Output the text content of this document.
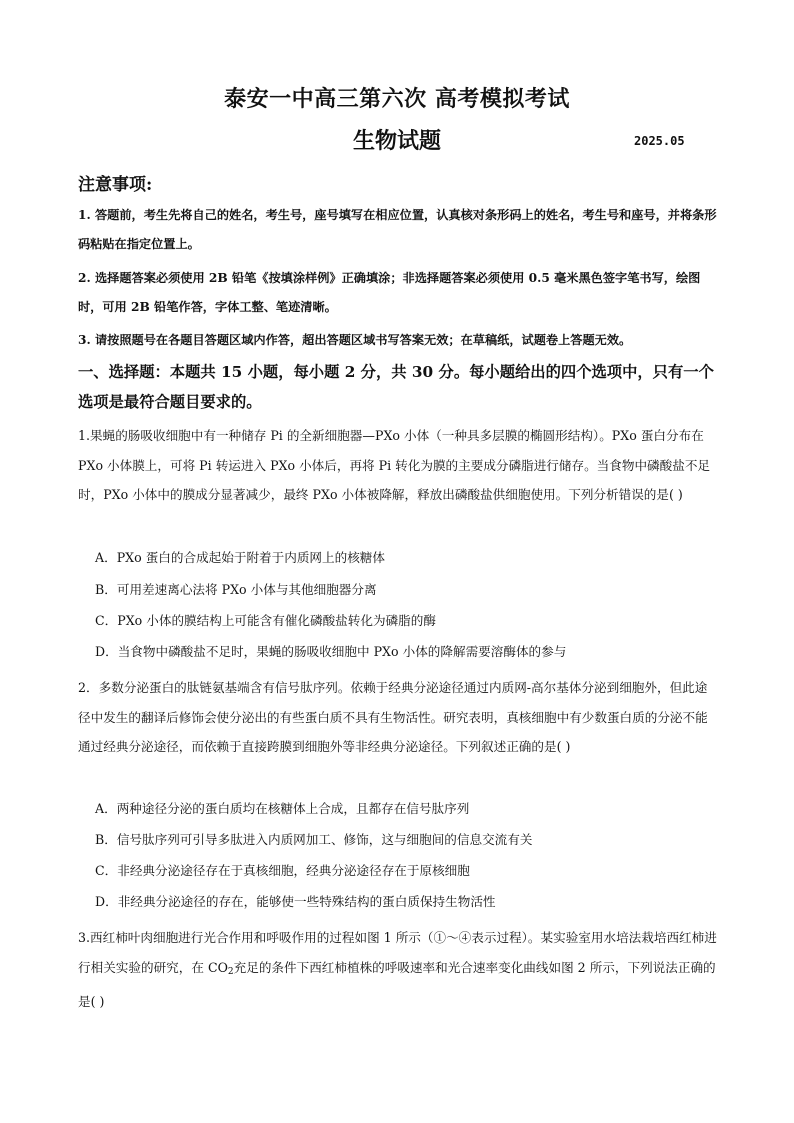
泰安一中高三第六次 高考模拟考试
生物试题	2025.05
注意事项:
1. 答题前，考生先将自己的姓名，考生号，座号填写在相应位置，认真核对条形码上的姓名，考生号和座号，并将条形码粘贴在指定位置上。
2. 选择题答案必须使用 2B 铅笔《按填涂样例》正确填涂；非选择题答案必须使用 0.5 毫米黑色签字笔书写，绘图时，可用 2B 铅笔作答，字体工整、笔迹清晰。
3. 请按照题号在各题目答题区域内作答，超出答题区域书写答案无效；在草稿纸，试题卷上答题无效。
一、选择题：本题共 15 小题，每小题 2 分，共 30 分。每小题给出的四个选项中，只有一个选项是最符合题目要求的。
1.果蝇的肠吸收细胞中有一种储存 Pi 的全新细胞器—PXo 小体（一种具多层膜的椭圆形结构）。PXo 蛋白分布在 PXo 小体膜上，可将 Pi 转运进入 PXo 小体后，再将 Pi 转化为膜的主要成分磷脂进行储存。当食物中磷酸盐不足时，PXo 小体中的膜成分显著减少，最终 PXo 小体被降解，释放出磷酸盐供细胞使用。下列分析错误的是( )
A．PXo 蛋白的合成起始于附着于内质网上的核糖体
B．可用差速离心法将 PXo 小体与其他细胞器分离
C．PXo 小体的膜结构上可能含有催化磷酸盐转化为磷脂的酶
D．当食物中磷酸盐不足时，果蝇的肠吸收细胞中 PXo 小体的降解需要溶酶体的参与
2．多数分泌蛋白的肽链氨基端含有信号肽序列。依赖于经典分泌途径通过内质网-高尔基体分泌到细胞外，但此途径中发生的翻译后修饰会使分泌出的有些蛋白质不具有生物活性。研究表明，真核细胞中有少数蛋白质的分泌不能通过经典分泌途径，而依赖于直接跨膜到细胞外等非经典分泌途径。下列叙述正确的是( )
A．两种途径分泌的蛋白质均在核糖体上合成，且都存在信号肽序列
B．信号肽序列可引导多肽进入内质网加工、修饰，这与细胞间的信息交流有关
C．非经典分泌途径存在于真核细胞，经典分泌途径存在于原核细胞
D．非经典分泌途径的存在，能够使一些特殊结构的蛋白质保持生物活性
3.西红柿叶肉细胞进行光合作用和呼吸作用的过程如图 1 所示（①～④表示过程）。某实验室用水培法栽培西红柿进行相关实验的研究，在 $CO_2$充足的条件下西红柿植株的呼吸速率和光合速率变化曲线如图 2 所示，下列说法正确的是( )
